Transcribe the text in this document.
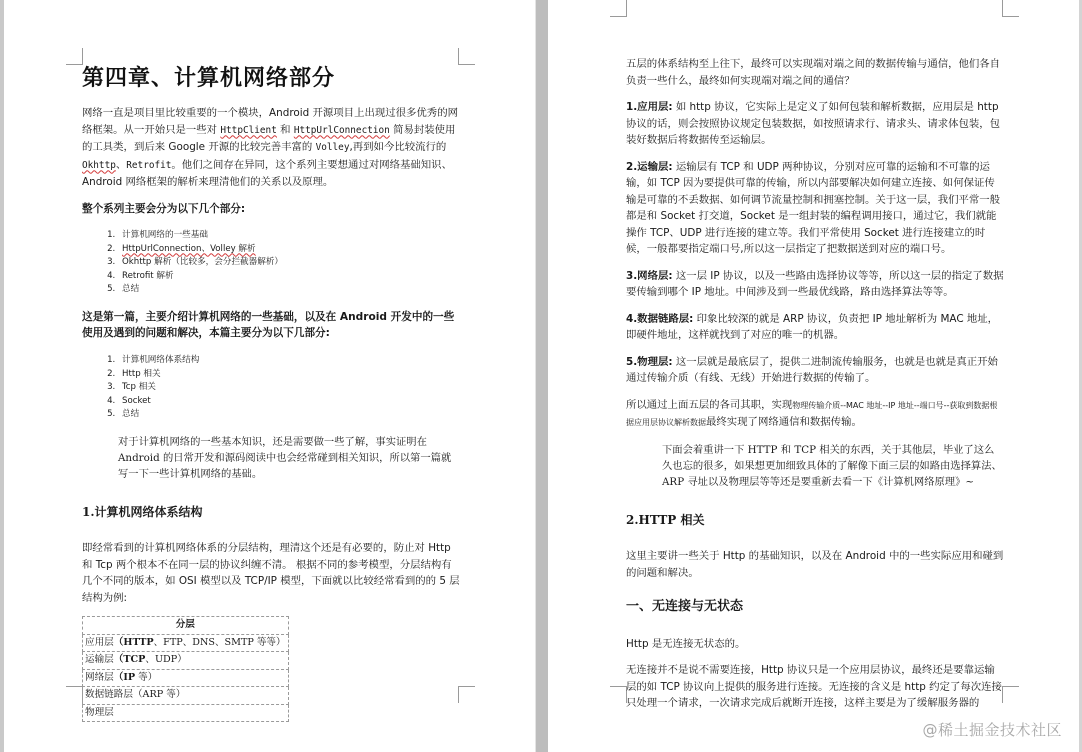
第四章、计算机网络部分

网络一直是项目里比较重要的一个模块，Android 开源项目上出现过很多优秀的网络框架。从一开始只是一些对 HttpClient 和 HttpUrlConnection 简易封装使用的工具类，到后来 Google 开源的比较完善丰富的 Volley,再到如今比较流行的 Okhttp、Retrofit。他们之间存在异同，这个系列主要想通过对网络基础知识、Android 网络框架的解析来理清他们的关系以及原理。

整个系列主要会分为以下几个部分:

1. 计算机网络的一些基础
2. HttpUrlConnection、Volley 解析
3. Okhttp 解析（比较多，会分拦截器解析）
4. Retrofit 解析
5. 总结

这是第一篇，主要介绍计算机网络的一些基础，以及在 Android 开发中的一些使用及遇到的问题和解决，本篇主要分为以下几部分:

1. 计算机网络体系结构
2. Http 相关
3. Tcp 相关
4. Socket
5. 总结

对于计算机网络的一些基本知识，还是需要做一些了解，事实证明在 Android 的日常开发和源码阅读中也会经常碰到相关知识，所以第一篇就写一下一些计算机网络的基础。

1.计算机网络体系结构

即经常看到的计算机网络体系的分层结构，理清这个还是有必要的，防止对 Http 和 Tcp 两个根本不在同一层的协议纠缠不清。 根据不同的参考模型，分层结构有几个不同的版本，如 OSI 模型以及 TCP/IP 模型，下面就以比较经常看到的的 5 层结构为例:

分层
应用层（HTTP、FTP、DNS、SMTP 等等）
运输层（TCP、UDP）
网络层（IP 等）
数据链路层（ARP 等）
物理层

五层的体系结构至上往下，最终可以实现端对端之间的数据传输与通信，他们各自负责一些什么，最终如何实现端对端之间的通信？

1.应用层: 如 http 协议，它实际上是定义了如何包装和解析数据，应用层是 http 协议的话，则会按照协议规定包装数据，如按照请求行、请求头、请求体包装，包装好数据后将数据传至运输层。

2.运输层: 运输层有 TCP 和 UDP 两种协议，分别对应可靠的运输和不可靠的运输，如 TCP 因为要提供可靠的传输，所以内部要解决如何建立连接、如何保证传输是可靠的不丢数据、如何调节流量控制和拥塞控制。关于这一层，我们平常一般都是和 Socket 打交道，Socket 是一组封装的编程调用接口，通过它，我们就能操作 TCP、UDP 进行连接的建立等。我们平常使用 Socket 进行连接建立的时候，一般都要指定端口号,所以这一层指定了把数据送到对应的端口号。

3.网络层: 这一层 IP 协议，以及一些路由选择协议等等，所以这一层的指定了数据要传输到哪个 IP 地址。中间涉及到一些最优线路，路由选择算法等等。

4.数据链路层: 印象比较深的就是 ARP 协议，负责把 IP 地址解析为 MAC 地址，即硬件地址，这样就找到了对应的唯一的机器。

5.物理层: 这一层就是最底层了，提供二进制流传输服务，也就是也就是真正开始通过传输介质（有线、无线）开始进行数据的传输了。

所以通过上面五层的各司其职，实现物理传输介质--MAC 地址--IP 地址--端口号--获取到数据根据应用层协议解析数据最终实现了网络通信和数据传输。

下面会着重讲一下 HTTP 和 TCP 相关的东西，关于其他层，毕业了这么久也忘的很多，如果想更加细致具体的了解像下面三层的如路由选择算法、ARP 寻址以及物理层等等还是要重新去看一下《计算机网络原理》~

2.HTTP 相关

这里主要讲一些关于 Http 的基础知识，以及在 Android 中的一些实际应用和碰到的问题和解决。

一、无连接与无状态

Http 是无连接无状态的。

无连接并不是说不需要连接，Http 协议只是一个应用层协议，最终还是要靠运输层的如 TCP 协议向上提供的服务进行连接。无连接的含义是 http 约定了每次连接只处理一个请求，一次请求完成后就断开连接，这样主要是为了缓解服务器的

@稀土掘金技术社区
